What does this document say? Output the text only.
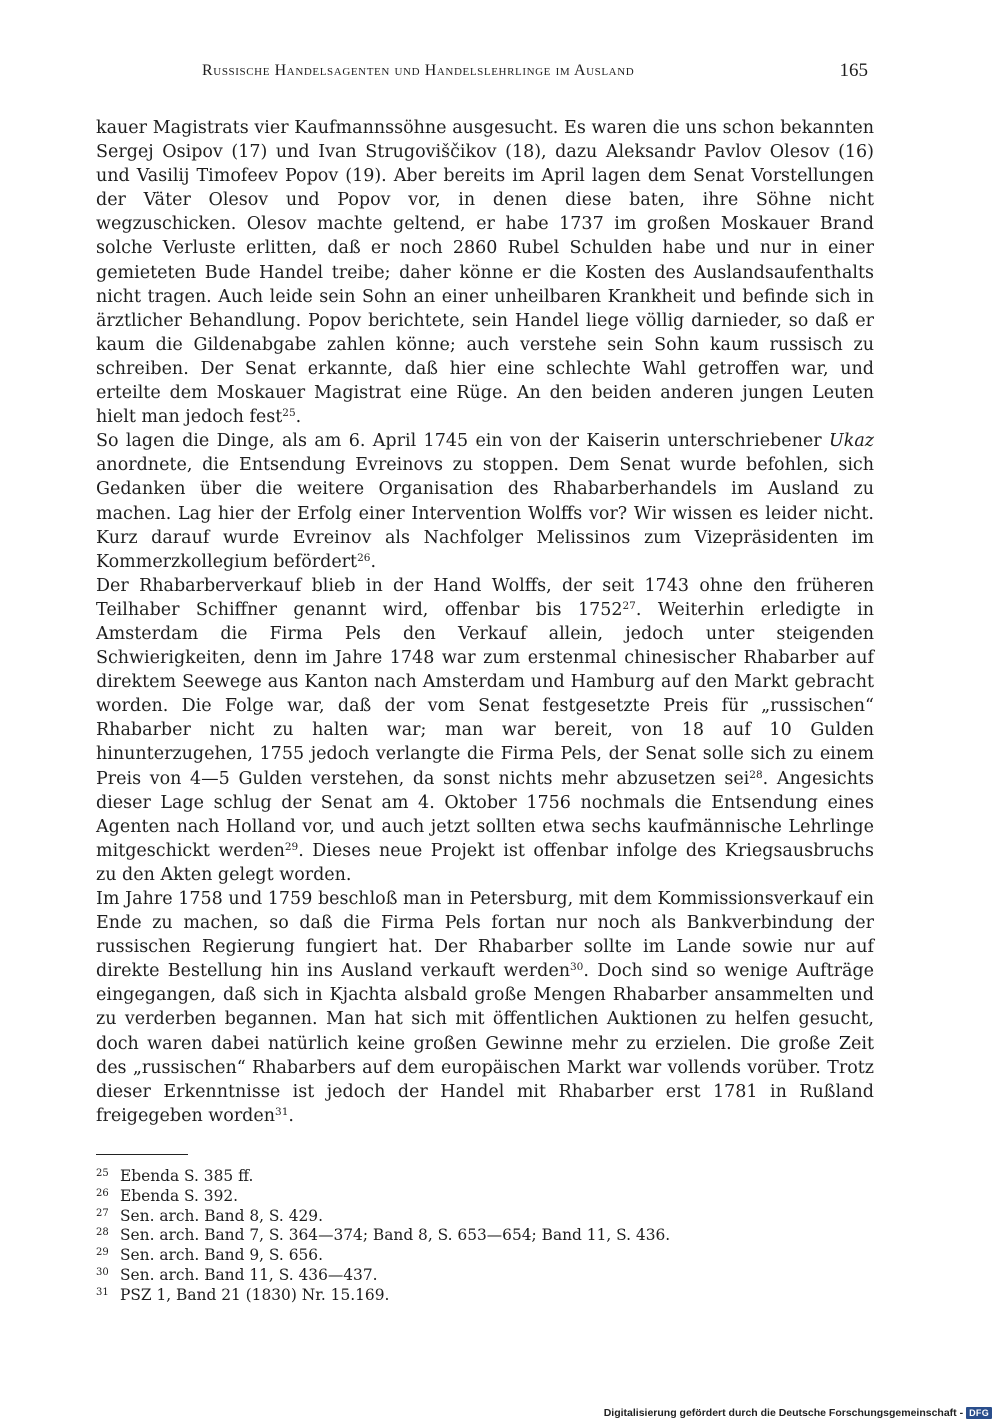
Russische Handelsagenten und Handelslehrlinge im Ausland	165

kauer Magistrats vier Kaufmannssöhne ausgesucht. Es waren die uns schon bekannten Sergej Osipov (17) und Ivan Strugoviščikov (18), dazu Aleksandr Pavlov Olesov (16) und Vasilij Timofeev Popov (19). Aber bereits im April lagen dem Senat Vorstellungen der Väter Olesov und Popov vor, in denen diese baten, ihre Söhne nicht wegzuschicken. Olesov machte geltend, er habe 1737 im großen Moskauer Brand solche Verluste erlitten, daß er noch 2860 Rubel Schulden habe und nur in einer gemieteten Bude Handel treibe; daher könne er die Kosten des Auslandsaufenthalts nicht tragen. Auch leide sein Sohn an einer unheilbaren Krankheit und befinde sich in ärztlicher Behandlung. Popov berichtete, sein Handel liege völlig darnieder, so daß er kaum die Gildenabgabe zahlen könne; auch verstehe sein Sohn kaum russisch zu schreiben. Der Senat erkannte, daß hier eine schlechte Wahl getroffen war, und erteilte dem Moskauer Magistrat eine Rüge. An den beiden anderen jungen Leuten hielt man jedoch fest$^{25}$.

So lagen die Dinge, als am 6. April 1745 ein von der Kaiserin unterschriebener Ukaz anordnete, die Entsendung Evreinovs zu stoppen. Dem Senat wurde befohlen, sich Gedanken über die weitere Organisation des Rhabarberhandels im Ausland zu machen. Lag hier der Erfolg einer Intervention Wolffs vor? Wir wissen es leider nicht. Kurz darauf wurde Evreinov als Nachfolger Melissinos zum Vizepräsidenten im Kommerzkollegium befördert$^{26}$.

Der Rhabarberverkauf blieb in der Hand Wolffs, der seit 1743 ohne den früheren Teilhaber Schiffner genannt wird, offenbar bis 1752$^{27}$. Weiterhin erledigte in Amsterdam die Firma Pels den Verkauf allein, jedoch unter steigenden Schwierigkeiten, denn im Jahre 1748 war zum erstenmal chinesischer Rhabarber auf direktem Seewege aus Kanton nach Amsterdam und Hamburg auf den Markt gebracht worden. Die Folge war, daß der vom Senat festgesetzte Preis für „russischen“ Rhabarber nicht zu halten war; man war bereit, von 18 auf 10 Gulden hinunterzugehen, 1755 jedoch verlangte die Firma Pels, der Senat solle sich zu einem Preis von 4—5 Gulden verstehen, da sonst nichts mehr abzusetzen sei$^{28}$. Angesichts dieser Lage schlug der Senat am 4. Oktober 1756 nochmals die Entsendung eines Agenten nach Holland vor, und auch jetzt sollten etwa sechs kaufmännische Lehrlinge mitgeschickt werden$^{29}$. Dieses neue Projekt ist offenbar infolge des Kriegsausbruchs zu den Akten gelegt worden.

Im Jahre 1758 und 1759 beschloß man in Petersburg, mit dem Kommissionsverkauf ein Ende zu machen, so daß die Firma Pels fortan nur noch als Bankverbindung der russischen Regierung fungiert hat. Der Rhabarber sollte im Lande sowie nur auf direkte Bestellung hin ins Ausland verkauft werden$^{30}$. Doch sind so wenige Aufträge eingegangen, daß sich in Kjachta alsbald große Mengen Rhabarber ansammelten und zu verderben begannen. Man hat sich mit öffentlichen Auktionen zu helfen gesucht, doch waren dabei natürlich keine großen Gewinne mehr zu erzielen. Die große Zeit des „russischen“ Rhabarbers auf dem europäischen Markt war vollends vorüber. Trotz dieser Erkenntnisse ist jedoch der Handel mit Rhabarber erst 1781 in Rußland freigegeben worden$^{31}$.

25 Ebenda S. 385 ff.
26 Ebenda S. 392.
27 Sen. arch. Band 8, S. 429.
28 Sen. arch. Band 7, S. 364—374; Band 8, S. 653—654; Band 11, S. 436.
29 Sen. arch. Band 9, S. 656.
30 Sen. arch. Band 11, S. 436—437.
31 PSZ 1, Band 21 (1830) Nr. 15.169.
Digitalisierung gefördert durch die Deutsche Forschungsgemeinschaft - DFG
